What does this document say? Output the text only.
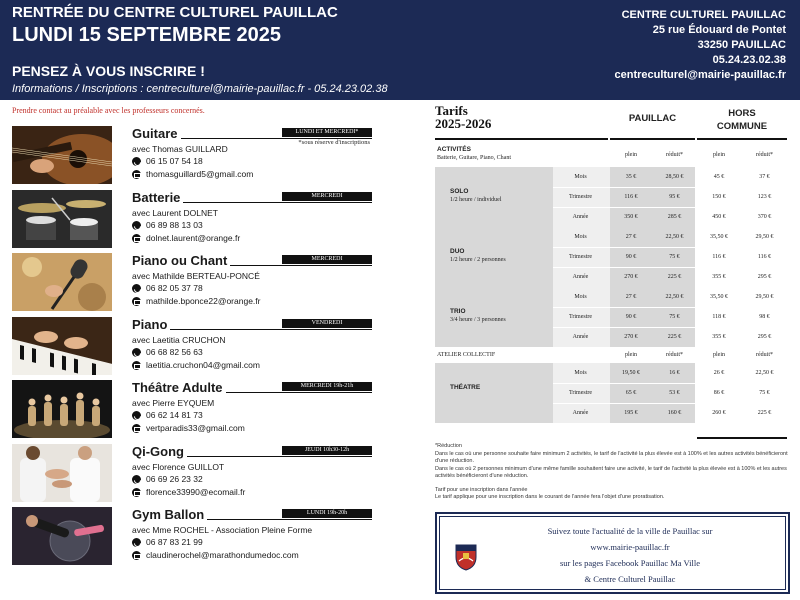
RENTRÉE DU CENTRE CULTUREL PAUILLAC
LUNDI 15 SEPTEMBRE 2025
PENSEZ À VOUS INSCRIRE !
Informations / Inscriptions : centreculturel@mairie-pauillac.fr - 05.24.23.02.38
CENTRE CULTUREL PAUILLAC
25 rue Édouard de Pontet
33250 PAUILLAC
05.24.23.02.38
centreculturel@mairie-pauillac.fr
Prendre contact au préalable avec les professeurs concernés.
Guitare	LUNDI ET MERCREDI*
*sous réserve d'inscriptions
avec Thomas GUILLARD
06 15 07 54 18
thomasguillard5@gmail.com
Batterie	MERCREDI
avec Laurent DOLNET
06 89 88 13 03
dolnet.laurent@orange.fr
Piano ou Chant	MERCREDI
avec Mathilde BERTEAU-PONCÉ
06 82 05 37 78
mathilde.bponce22@orange.fr
Piano	VENDREDI
avec Laetitia CRUCHON
06 68 82 56 63
laetitia.cruchon04@gmail.com
Théâtre Adulte	MERCREDI 19h-21h
avec Pierre EYQUEM
06 62 14 81 73
vertparadis33@gmail.com
Qi-Gong	JEUDI 10h30-12h
avec Florence GUILLOT
06 69 26 23 32
florence33990@ecomail.fr
Gym Ballon	LUNDI 19h-20h
avec Mme ROCHEL - Association Pleine Forme
06 87 83 21 99
claudinerochel@marathondumedoc.com
Tarifs
2025-2026	PAUILLAC	HORS
COMMUNE
ACTIVITÉS
Batterie, Guitare, Piano, Chant	plein	réduit*	plein	réduit*
SOLO
1/2 heure / individuel
Mois	35 €	28,50 €	45 €	37 €
Trimestre	116 €	95 €	150 €	123 €
Année	350 €	285 €	450 €	370 €
DUO
1/2 heure / 2 personnes
Mois	27 €	22,50 €	35,50 €	29,50 €
Trimestre	90 €	75 €	116 €	116 €
Année	270 €	225 €	355 €	295 €
TRIO
3/4 heure / 3 personnes
Mois	27 €	22,50 €	35,50 €	29,50 €
Trimestre	90 €	75 €	118 €	98 €
Année	270 €	225 €	355 €	295 €
ATELIER COLLECTIF	plein	réduit*	plein	réduit*
THÉATRE
Mois	19,50 €	16 €	26 €	22,50 €
Trimestre	65 €	53 €	86 €	75 €
Année	195 €	160 €	260 €	225 €
*Réduction
Dans le cas où une personne souhaite faire minimum 2 activités, le tarif de l'activité la plus élevée est à 100% et les autres activités bénéficieront d'une réduction.
Dans le cas où 2 personnes minimum d'une même famille souhaitent faire une activité, le tarif de l'activité la plus élevée est à 100% et les autres activités bénéficieront d'une réduction.
Tarif pour une inscription dans l'année
Le tarif applique pour une inscription dans le courant de l'année fera l'objet d'une proratisation.
Suivez toute l'actualité de la ville de Pauillac sur
www.mairie-pauillac.fr
sur les pages Facebook Pauillac Ma Ville
& Centre Culturel Pauillac
